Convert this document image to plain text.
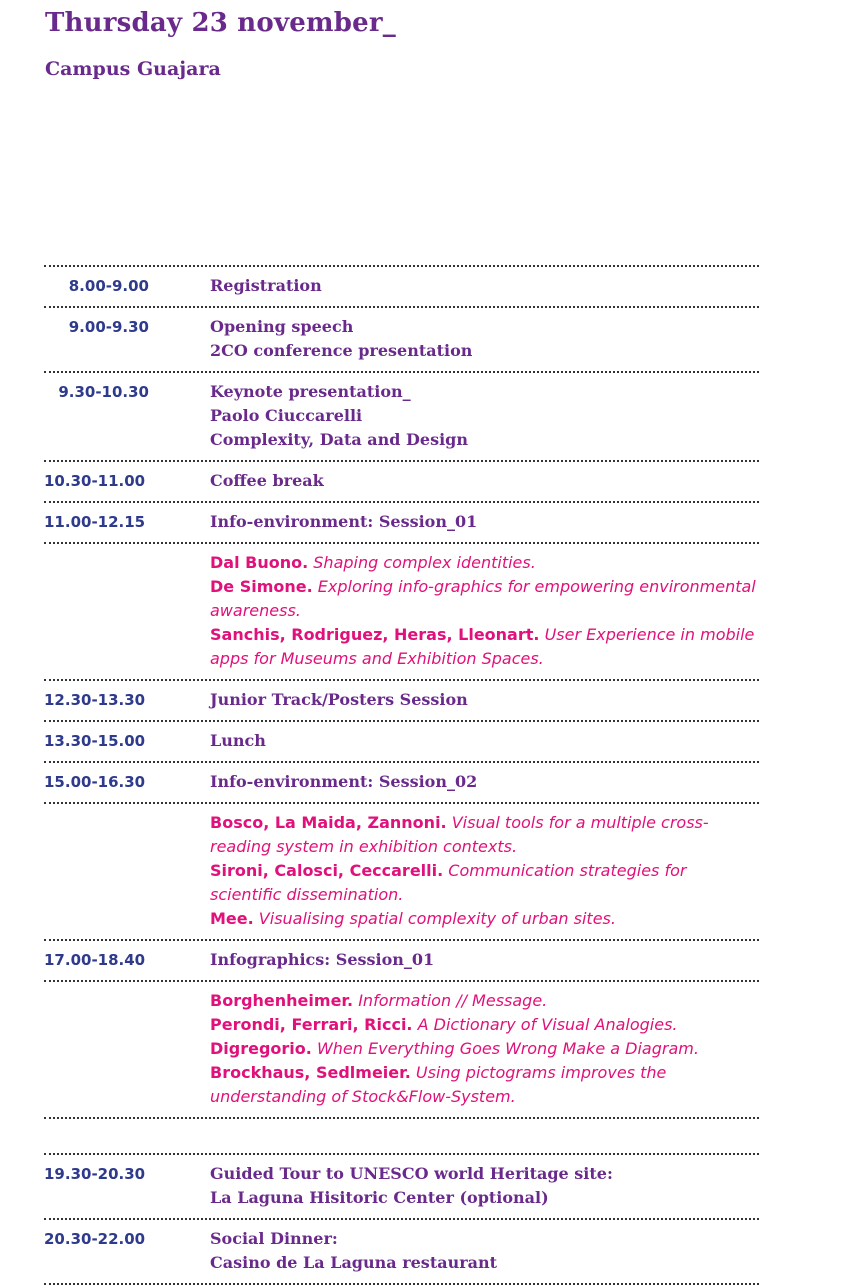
Thursday 23 november_
Campus Guajara
8.00-9.00	Registration
9.00-9.30	Opening speech
2CO conference presentation
9.30-10.30	Keynote presentation_
Paolo Ciuccarelli
Complexity, Data and Design
10.30-11.00	Coffee break
11.00-12.15	Info-environment: Session_01
Dal Buono. Shaping complex identities.
De Simone. Exploring info-graphics for empowering environmental awareness.
Sanchis, Rodriguez, Heras, Lleonart. User Experience in mobile apps for Museums and Exhibition Spaces.
12.30-13.30	Junior Track/Posters Session
13.30-15.00	Lunch
15.00-16.30	Info-environment: Session_02
Bosco, La Maida, Zannoni. Visual tools for a multiple cross-reading system in exhibition contexts.
Sironi, Calosci, Ceccarelli. Communication strategies for scientific dissemination.
Mee. Visualising spatial complexity of urban sites.
17.00-18.40	Infographics: Session_01
Borghenheimer. Information // Message.
Perondi, Ferrari, Ricci. A Dictionary of Visual Analogies.
Digregorio. When Everything Goes Wrong Make a Diagram.
Brockhaus, Sedlmeier. Using pictograms improves the understanding of Stock&Flow-System.
19.30-20.30	Guided Tour to UNESCO world Heritage site:
La Laguna Hisitoric Center (optional)
20.30-22.00	Social Dinner:
Casino de La Laguna restaurant
